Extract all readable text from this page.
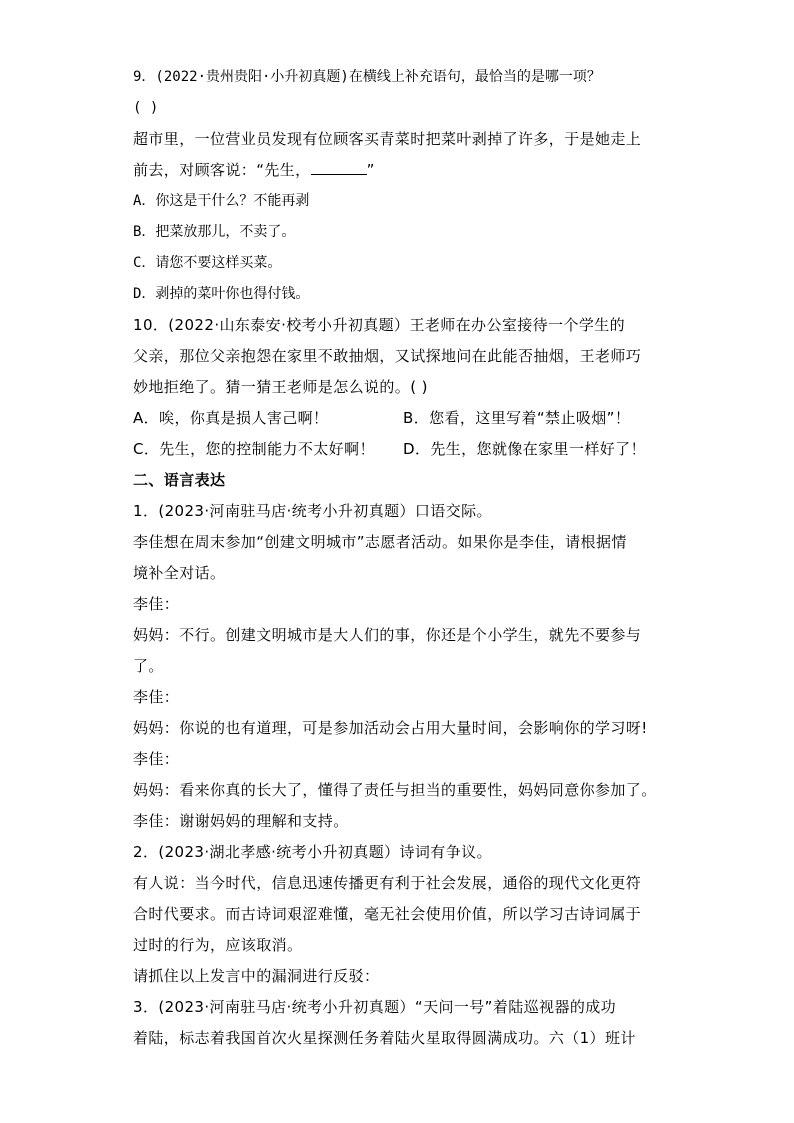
9．(2022·贵州贵阳·小升初真题)在横线上补充语句，最恰当的是哪一项？
( )
超市里，一位营业员发现有位顾客买青菜时把菜叶剥掉了许多，于是她走上
前去，对顾客说：“先生，	”
A．你这是干什么？不能再剥
B．把菜放那儿，不卖了。
C．请您不要这样买菜。
D．剥掉的菜叶你也得付钱。
10．(2022·山东泰安·校考小升初真题）王老师在办公室接待一个学生的
父亲，那位父亲抱怨在家里不敢抽烟，又试探地问在此能否抽烟，王老师巧
妙地拒绝了。猜一猜王老师是怎么说的。( )
A．唉，你真是损人害己啊！	B．您看，这里写着“禁止吸烟”！
C．先生，您的控制能力不太好啊！	D．先生，您就像在家里一样好了！
二、语言表达
1．(2023·河南驻马店·统考小升初真题）口语交际。
李佳想在周末参加“创建文明城市”志愿者活动。如果你是李佳，请根据情
境补全对话。
李佳：
妈妈：不行。创建文明城市是大人们的事，你还是个小学生，就先不要参与
了。
李佳：
妈妈：你说的也有道理，可是参加活动会占用大量时间，会影响你的学习呀!
李佳：
妈妈：看来你真的长大了，懂得了责任与担当的重要性，妈妈同意你参加了。
李佳：谢谢妈妈的理解和支持。
2．(2023·湖北孝感·统考小升初真题）诗词有争议。
有人说：当今时代，信息迅速传播更有利于社会发展，通俗的现代文化更符
合时代要求。而古诗词艰涩难懂，毫无社会使用价值，所以学习古诗词属于
过时的行为，应该取消。
请抓住以上发言中的漏洞进行反驳：
3．(2023·河南驻马店·统考小升初真题）“天问一号”着陆巡视器的成功
着陆，标志着我国首次火星探测任务着陆火星取得圆满成功。六（1）班计
